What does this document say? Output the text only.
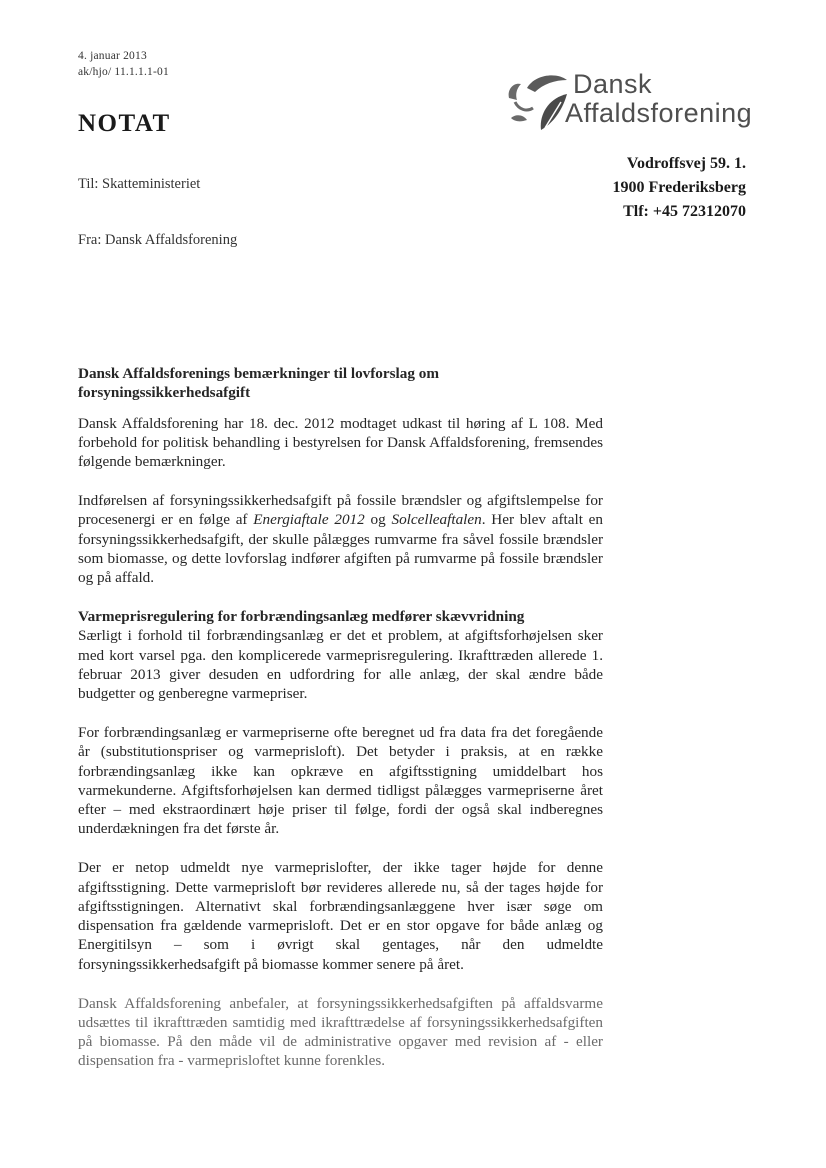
4. januar 2013
ak/hjo/ 11.1.1.1-01
NOTAT
Til: Skatteministeriet
Fra: Dansk Affaldsforening
Dansk
Affaldsforening
Vodroffsvej 59. 1.
1900 Frederiksberg
Tlf: +45 72312070
Dansk Affaldsforenings bemærkninger til lovforslag om forsyningssikkerhedsafgift

Dansk Affaldsforening har 18. dec. 2012 modtaget udkast til høring af L 108. Med forbehold for politisk behandling i bestyrelsen for Dansk Affaldsforening, fremsendes følgende bemærkninger.

Indførelsen af forsyningssikkerhedsafgift på fossile brændsler og afgiftslempelse for procesenergi er en følge af Energiaftale 2012 og Solcelleaftalen. Her blev aftalt en forsyningssikkerhedsafgift, der skulle pålægges rumvarme fra såvel fossile brændsler som biomasse, og dette lovforslag indfører afgiften på rumvarme på fossile brændsler og på affald.

Varmeprisregulering for forbrændingsanlæg medfører skævvridning
Særligt i forhold til forbrændingsanlæg er det et problem, at afgiftsforhøjelsen sker med kort varsel pga. den komplicerede varmeprisregulering. Ikrafttræden allerede 1. februar 2013 giver desuden en udfordring for alle anlæg, der skal ændre både budgetter og genberegne varmepriser.

For forbrændingsanlæg er varmepriserne ofte beregnet ud fra data fra det foregående år (substitutionspriser og varmeprisloft). Det betyder i praksis, at en række forbrændingsanlæg ikke kan opkræve en afgiftsstigning umiddelbart hos varmekunderne. Afgiftsforhøjelsen kan dermed tidligst pålægges varmepriserne året efter – med ekstraordinært høje priser til følge, fordi der også skal indberegnes underdækningen fra det første år.

Der er netop udmeldt nye varmeprislofter, der ikke tager højde for denne afgiftsstigning. Dette varmeprisloft bør revideres allerede nu, så der tages højde for afgiftsstigningen. Alternativt skal forbrændingsanlæggene hver især søge om dispensation fra gældende varmeprisloft. Det er en stor opgave for både anlæg og Energitilsyn – som i øvrigt skal gentages, når den udmeldte forsyningssikkerhedsafgift på biomasse kommer senere på året.

Dansk Affaldsforening anbefaler, at forsyningssikkerhedsafgiften på affaldsvarme udsættes til ikrafttræden samtidig med ikrafttrædelse af forsyningssikkerhedsafgiften på biomasse. På den måde vil de administrative opgaver med revision af - eller dispensation fra - varmeprisloftet kunne forenkles.
